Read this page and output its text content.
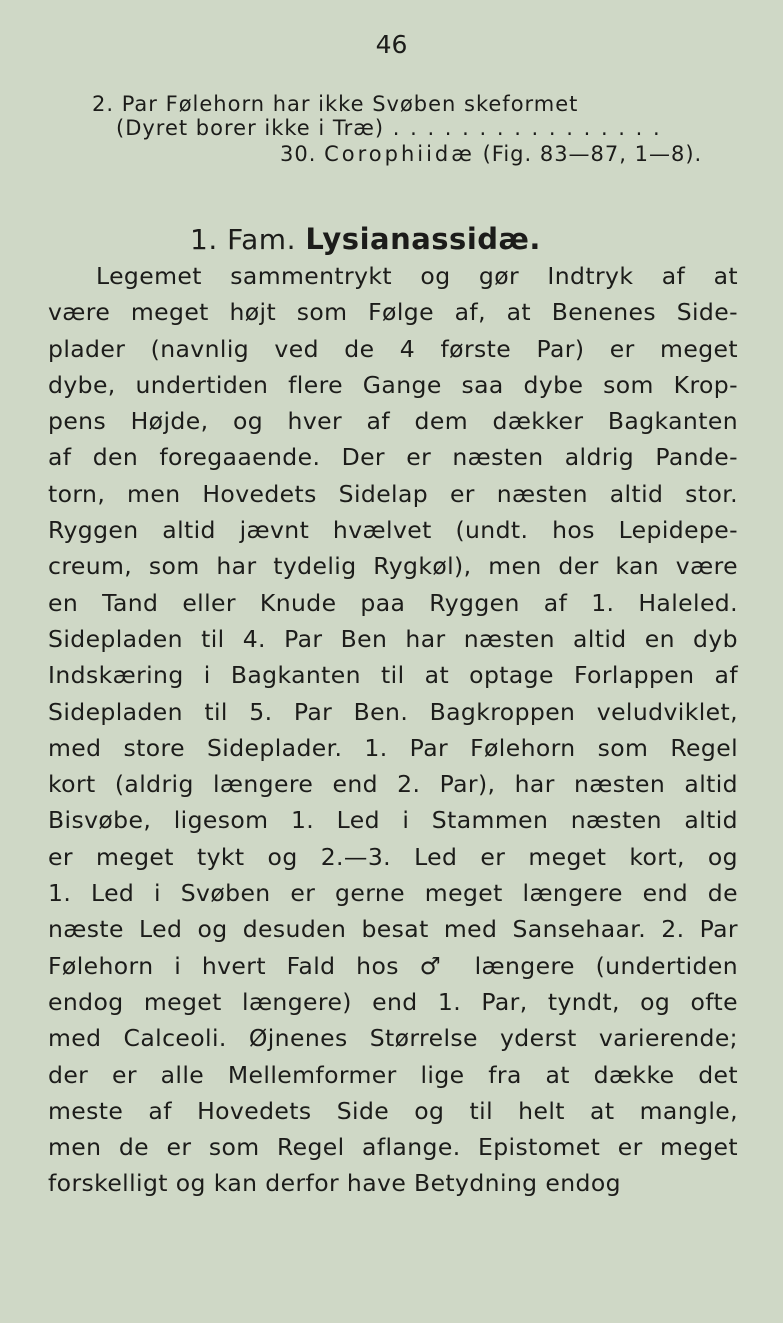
46
2. Par Følehorn har ikke Svøben skeformet
(Dyret borer ikke i Træ) . . . . . . . . . . . . . . . .
30. Corophiidæ (Fig. 83—87, 1—8).
1. Fam. Lysianassidæ.
Legemet sammentrykt og gør Indtryk af at
være meget højt som Følge af, at Benenes Side-
plader (navnlig ved de 4 første Par) er meget
dybe, undertiden flere Gange saa dybe som Krop-
pens Højde, og hver af dem dækker Bagkanten
af den foregaaende. Der er næsten aldrig Pande-
torn, men Hovedets Sidelap er næsten altid stor.
Ryggen altid jævnt hvælvet (undt. hos Lepidepe-
creum, som har tydelig Rygkøl), men der kan være
en Tand eller Knude paa Ryggen af 1. Haleled.
Sidepladen til 4. Par Ben har næsten altid en dyb
Indskæring i Bagkanten til at optage Forlappen af
Sidepladen til 5. Par Ben. Bagkroppen veludviklet,
med store Sideplader. 1. Par Følehorn som Regel
kort (aldrig længere end 2. Par), har næsten altid
Bisvøbe, ligesom 1. Led i Stammen næsten altid
er meget tykt og 2.—3. Led er meget kort, og
1. Led i Svøben er gerne meget længere end de
næste Led og desuden besat med Sansehaar. 2. Par
Følehorn i hvert Fald hos ♂ længere (undertiden
endog meget længere) end 1. Par, tyndt, og ofte
med Calceoli. Øjnenes Størrelse yderst varierende;
der er alle Mellemformer lige fra at dække det
meste af Hovedets Side og til helt at mangle,
men de er som Regel aflange. Epistomet er meget
forskelligt og kan derfor have Betydning endog
